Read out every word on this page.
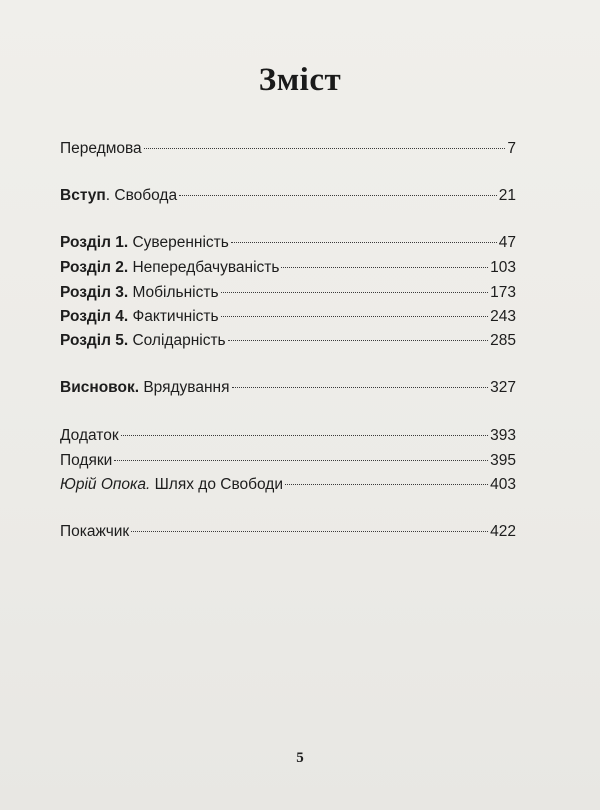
Зміст
Передмова	7
Вступ. Свобода	21
Розділ 1. Суверенність	47
Розділ 2. Непередбачуваність	103
Розділ 3. Мобільність	173
Розділ 4. Фактичність	243
Розділ 5. Солідарність	285
Висновок. Врядування	327
Додаток	393
Подяки	395
Юрій Опока. Шлях до Свободи	403
Покажчик	422
5
